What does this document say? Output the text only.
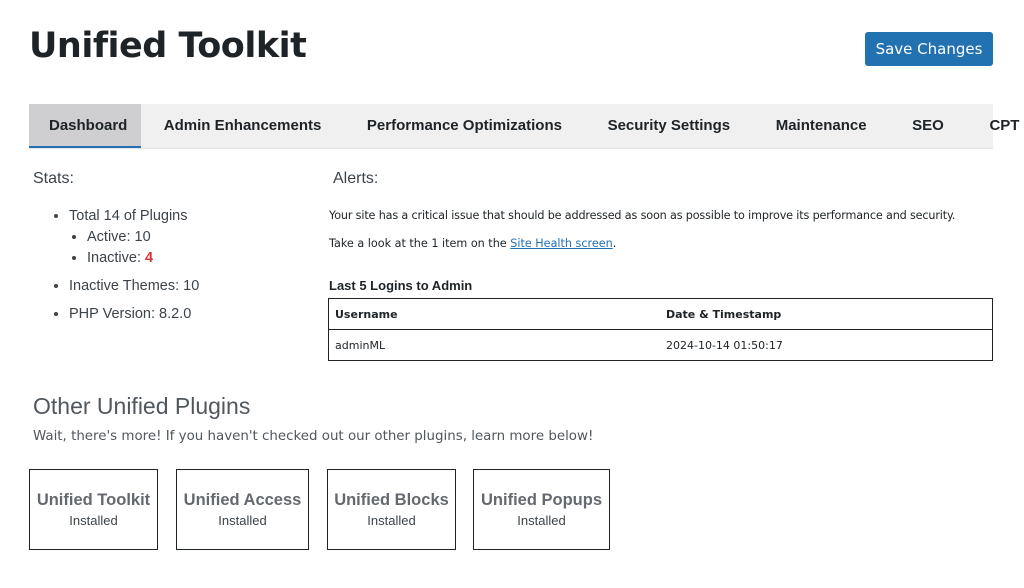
Unified Toolkit	Save Changes
Dashboard	Admin Enhancements	Performance Optimizations	Security Settings	Maintenance	SEO	CPT
Stats:
• Total 14 of Plugins
• Active: 10
• Inactive: 4
• Inactive Themes: 10
• PHP Version: 8.2.0
Alerts:
Your site has a critical issue that should be addressed as soon as possible to improve its performance and security.
Take a look at the 1 item on the Site Health screen.
Last 5 Logins to Admin
Username	Date & Timestamp
adminML	2024-10-14 01:50:17
Other Unified Plugins
Wait, there's more! If you haven't checked out our other plugins, learn more below!
Unified Toolkit
Installed
Unified Access
Installed
Unified Blocks
Installed
Unified Popups
Installed
